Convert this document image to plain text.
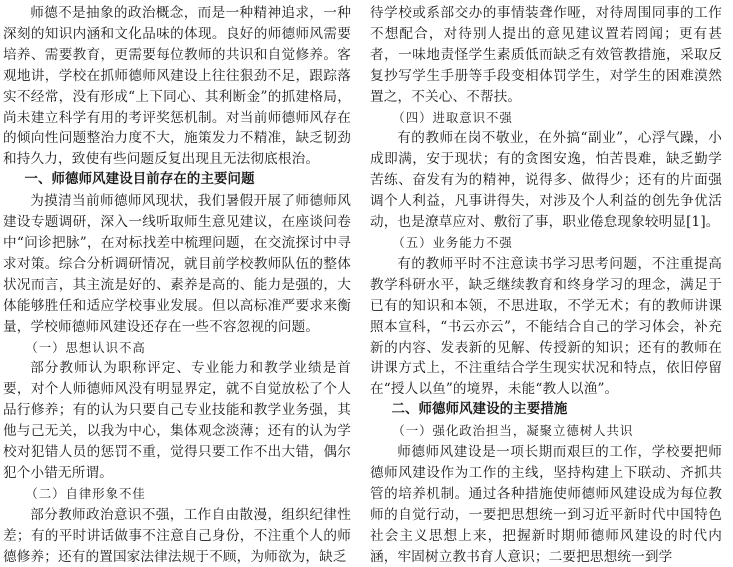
师德不是抽象的政治概念，而是一种精神追求，一种深刻的知识内涵和文化品味的体现。良好的师德师风需要培养、需要教育，更需要每位教师的共识和自觉修养。客观地讲，学校在抓师德师风建设上往往狠劲不足，跟踪落实不经常，没有形成“上下同心、其利断金”的抓建格局，尚未建立科学有用的考评奖惩机制。对当前师德师风存在的倾向性问题整治力度不大，施策发力不精准，缺乏韧劲和持久力，致使有些问题反复出现且无法彻底根治。

一、师德师风建设目前存在的主要问题

为摸清当前师德师风现状，我们暑假开展了师德师风建设专题调研，深入一线听取师生意见建议，在座谈问卷中“问诊把脉”，在对标找差中梳理问题，在交流探讨中寻求对策。综合分析调研情况，就目前学校教师队伍的整体状况而言，其主流是好的、素养是高的、能力是强的，大体能够胜任和适应学校事业发展。但以高标准严要求来衡量，学校师德师风建设还存在一些不容忽视的问题。

（一）思想认识不高

部分教师认为职称评定、专业能力和教学业绩是首要，对个人师德师风没有明显界定，就不自觉放松了个人品行修养；有的认为只要自己专业技能和教学业务强，其他与己无关，以我为中心，集体观念淡薄；还有的认为学校对犯错人员的惩罚不重，觉得只要工作不出大错，偶尔犯个小错无所谓。

（二）自律形象不佳

部分教师政治意识不强，工作自由散漫，组织纪律性差；有的平时讲话做事不注意自己身份，不注重个人的师德修养；还有的置国家法律法规于不顾，为师欲为，缺乏

待学校或系部交办的事情装聋作哑，对待周围同事的工作不想配合，对待别人提出的意见建议置若罔闻；更有甚者，一味地责怪学生素质低而缺乏有效管教措施，采取反复抄写学生手册等手段变相体罚学生，对学生的困难漠然置之，不关心、不帮扶。

（四）进取意识不强

有的教师在岗不敬业，在外搞“副业”，心浮气躁，小成即满，安于现状；有的贪图安逸，怕苦畏难，缺乏勤学苦练、奋发有为的精神，说得多、做得少；还有的片面强调个人利益，凡事讲得失，对涉及个人利益的创先争优活动，也是潦草应对、敷衍了事，职业倦怠现象较明显[1]。

（五）业务能力不强

有的教师平时不注意读书学习思考问题，不注重提高教学科研水平，缺乏继续教育和终身学习的理念，满足于已有的知识和本领，不思进取，不学无术；有的教师讲课照本宣科，“书云亦云”，不能结合自己的学习体会，补充新的内容、发表新的见解、传授新的知识；还有的教师在讲课方式上，不注重结合学生现实状况和特点，依旧停留在“授人以鱼”的境界，未能“教人以渔”。

二、师德师风建设的主要措施

（一）强化政治担当，凝聚立德树人共识

师德师风建设是一项长期而艰巨的工作，学校要把师德师风建设作为工作的主线，坚持构建上下联动、齐抓共管的培养机制。通过各种措施使师德师风建设成为每位教师的自觉行动，一要把思想统一到习近平新时代中国特色社会主义思想上来，把握新时期师德师风建设的时代内涵，牢固树立教书育人意识；二要把思想统一到学
